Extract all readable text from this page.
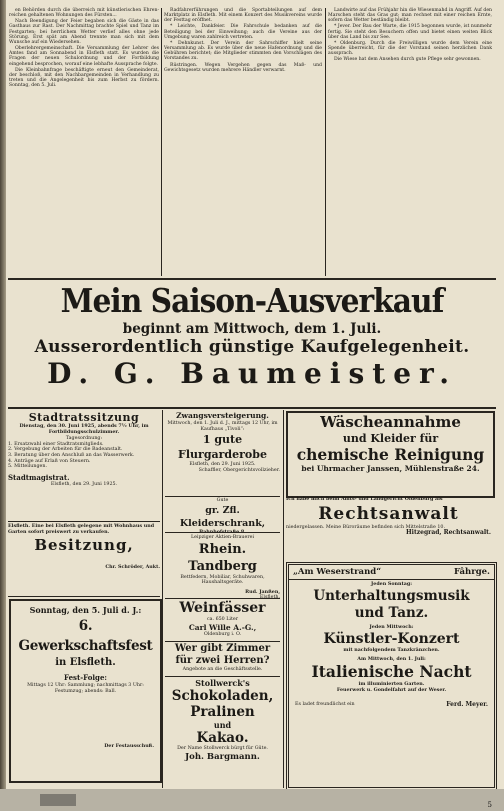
en Behörden durch die überreich mit künstlerischen Ehren-reichen gehaltenen Wohnungen des Fürsten...

Nach Beendigung der Feier begaben sich die Gäste in das Gasthaus zur Rast. Der Nachmittag brachte Spiel und Tanz im Festgarten; bei herrlichem Wetter verlief alles ohne jede Störung. Erst spät am Abend trennte man sich mit dem Wunsche auf ein Wiedersehen.

Oberlehrergemeinschaft. Die Versammlung der Lehrer des Amtes fand am Sonnabend in Elsfleth statt. Es wurden die Fragen der neuen Schulordnung und der Fortbildung eingehend besprochen, worauf eine lebhafte Aussprache folgte.

Die Kleinbahnfrage beschäftigte erneut den Gemeinderat, der beschloß, mit den Nachbargemeinden in Verhandlung zu treten und die Angelegenheit bis zum Herbst zu fördern. Sonntag, den 5. Juli.

Radfahrerführungen und die Sportabteilungen auf dem Marktplatz in Elsfleth. Mit einem Konzert des Musikvereins wurde der Festtag eröffnet.

* Leichte, Dankfeier. Die Fahrschule bedanken auf die Beteiligung bei der Einweihung; auch die Vereine aus der Umgebung waren zahlreich vertreten.

* Dehnkunst. Der Verein der Sahrschiffer hielt seine Versammlung ab. Es wurde über die neue Hafenordnung und die Gebühren berichtet; die Mitglieder stimmten den Vorschlägen des Vorstandes zu.

Rüstringen. Wegen Vergehen gegen das Maß- und Gewichtsgesetz wurden mehrere Händler verwarnt.

Landwirte auf das Frühjahr hin die Wiesenmahd in Angriff. Auf den Marschen steht das Gras gut; man rechnet mit einer reichen Ernte, sofern das Wetter beständig bleibt.

* Jever. Der Bau der Warte, die 1915 begonnen wurde, ist nunmehr fertig. Sie steht den Besuchern offen und bietet einen weiten Blick über das Land bis zur See.

* Oldenburg. Durch die Freiwilligen wurde dem Verein eine Spende überreicht, für die der Vorstand seinen herzlichen Dank aussprach.

Die Wiese hat dem Ansehen durch gute Pflege sehr gewonnen.

Mein Saison-Ausverkauf
beginnt am Mittwoch, dem 1. Juli.
Ausserordentlich günstige Kaufgelegenheit.
D. G. Baumeister.
Stadtratssitzung
Dienstag, den 30. Juni 1925, abends 7½ Uhr, im Fortbildungsschulzimmer.
Tagesordnung:
1. Ersatzwahl einer Stadtratsmitglieds.
2. Vergebung der Arbeiten für die Badeanstalt.
3. Beratung über den Anschluß an das Wasserwerk.
4. Anträge auf Erlaß von Steuern.
5. Mitteilungen.
Stadtmagistrat.
Elsfleth, den 29. Juni 1925.
Elsfleth. Eine bei Elsfleth gelegene mit Wohnhaus und Garten sofort preiswert zu verkaufen.
Besitzung,
Chr. Schröder, Aukt.
Sonntag, den 5. Juli d. J.:
6. Gewerkschaftsfest
in Elsfleth.
Fest-Folge:
Mittags 12 Uhr: Sammlung; nachmittags 3 Uhr: Festumzug; abends: Ball.
Der Festausschuß.
Zwangsversteigerung.
Mittwoch, den 1. Juli d. J., mittags 12 Uhr, im Kaufhaus „Tivoli“:
1 gute Flurgarderobe
Elsfleth, den 29. Juni 1925.
Schaffler, Obergerichtsvollzieher.
Gute
gr. Zfl. Kleiderschrank,
Leipziger Aktien-Brauerei
Rhein. Tandberg
Bettfedern, Mobiliar, Schuhwaren, Haushaltsgeräte.
Rud. Janßen,
Weinfässer
ca. 650 Liter
Carl Wille A.-G.,
Oldenburg i. O.
Wer gibt Zimmer
für zwei Herren?
Angebote an die Geschäftsstelle.
Stollwerck's
Schokoladen,
Pralinen
und
Kakao.
Der Name Stollwerck bürgt für Güte.
Joh. Bargmann.
Wäscheannahme
und Kleider für
chemische Reinigung
bei Uhrmacher Janssen, Mühlenstraße 24.
Ich habe mich beim Amts- und Landgericht Oldenburg als
Rechtsanwalt
niedergelassen. Meine Büroräume befinden sich Mittelstraße 10.
Hitzegrad, Rechtsanwalt.
„Am Weserstrand“	Fâhrge.
Jeden Sonntag:
Unterhaltungsmusik
und Tanz.
Jeden Mittwoch:
Künstler-Konzert
mit nachfolgendem Tanzkränzchen.
Am Mittwoch, den 1. Juli:
Italienische Nacht
im illuminierten Garten.
Feuerwerk u. Gondelfahrt auf der Weser.
Es ladet freundlichst ein	Ferd. Meyer.
5
